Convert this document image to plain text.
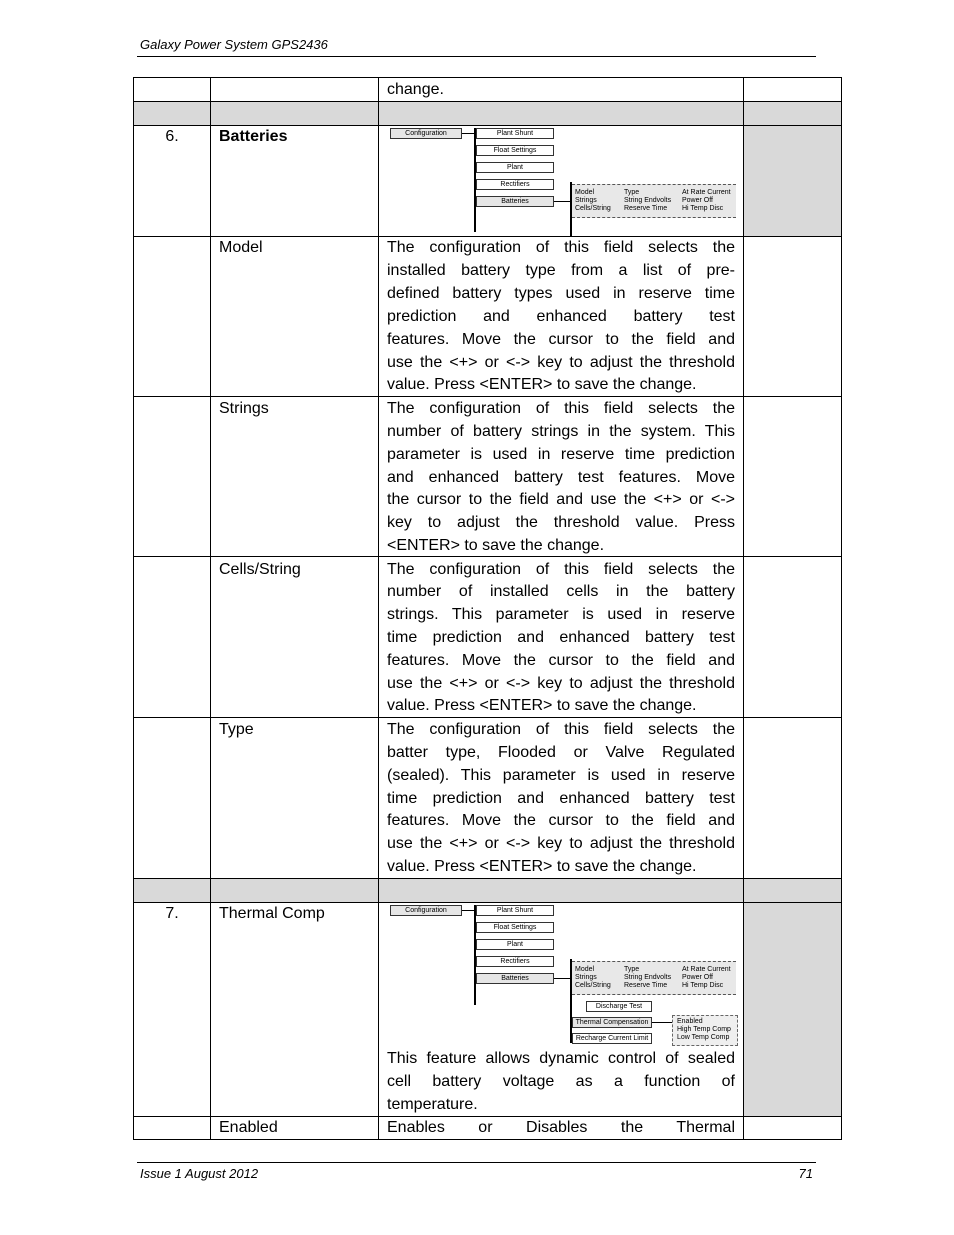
Galaxy Power System GPS2436
change.
6.	Batteries
Model	The configuration of this field selects the
installed battery type from a list of pre-
defined battery types used in reserve time
prediction and enhanced battery test
features. Move the cursor to the field and
use the <+> or <-> key to adjust the threshold
value. Press <ENTER> to save the change.
Strings	The configuration of this field selects the
number of battery strings in the system. This
parameter is used in reserve time prediction
and enhanced battery test features. Move
the cursor to the field and use the <+> or <->
key to adjust the threshold value. Press
<ENTER> to save the change.
Cells/String	The configuration of this field selects the
number of installed cells in the battery
strings. This parameter is used in reserve
time prediction and enhanced battery test
features. Move the cursor to the field and
use the <+> or <-> key to adjust the threshold
value. Press <ENTER> to save the change.
Type	The configuration of this field selects the
batter type, Flooded or Valve Regulated
(sealed). This parameter is used in reserve
time prediction and enhanced battery test
features. Move the cursor to the field and
use the <+> or <-> key to adjust the threshold
value. Press <ENTER> to save the change.
7.	Thermal Comp
This feature allows dynamic control of sealed
cell battery voltage as a function of
temperature.
Enabled	Enables or Disables the Thermal
Configuration	Plant Shunt
Float Settings
Plant
Rectifiers
Batteries
Model
Strings
Cells/String
Type
String Endvolts
Reserve Time
At Rate Current
Power Off
Hi Temp Disc
Configuration	Plant Shunt
Float Settings
Plant
Rectifiers
Batteries
Model
Strings
Cells/String
Type
String Endvolts
Reserve Time
At Rate Current
Power Off
Hi Temp Disc
Discharge Test
Thermal Compensation
Recharge Current Limit
Enabled
High Temp Comp
Low Temp Comp
Issue 1 August 2012	71
